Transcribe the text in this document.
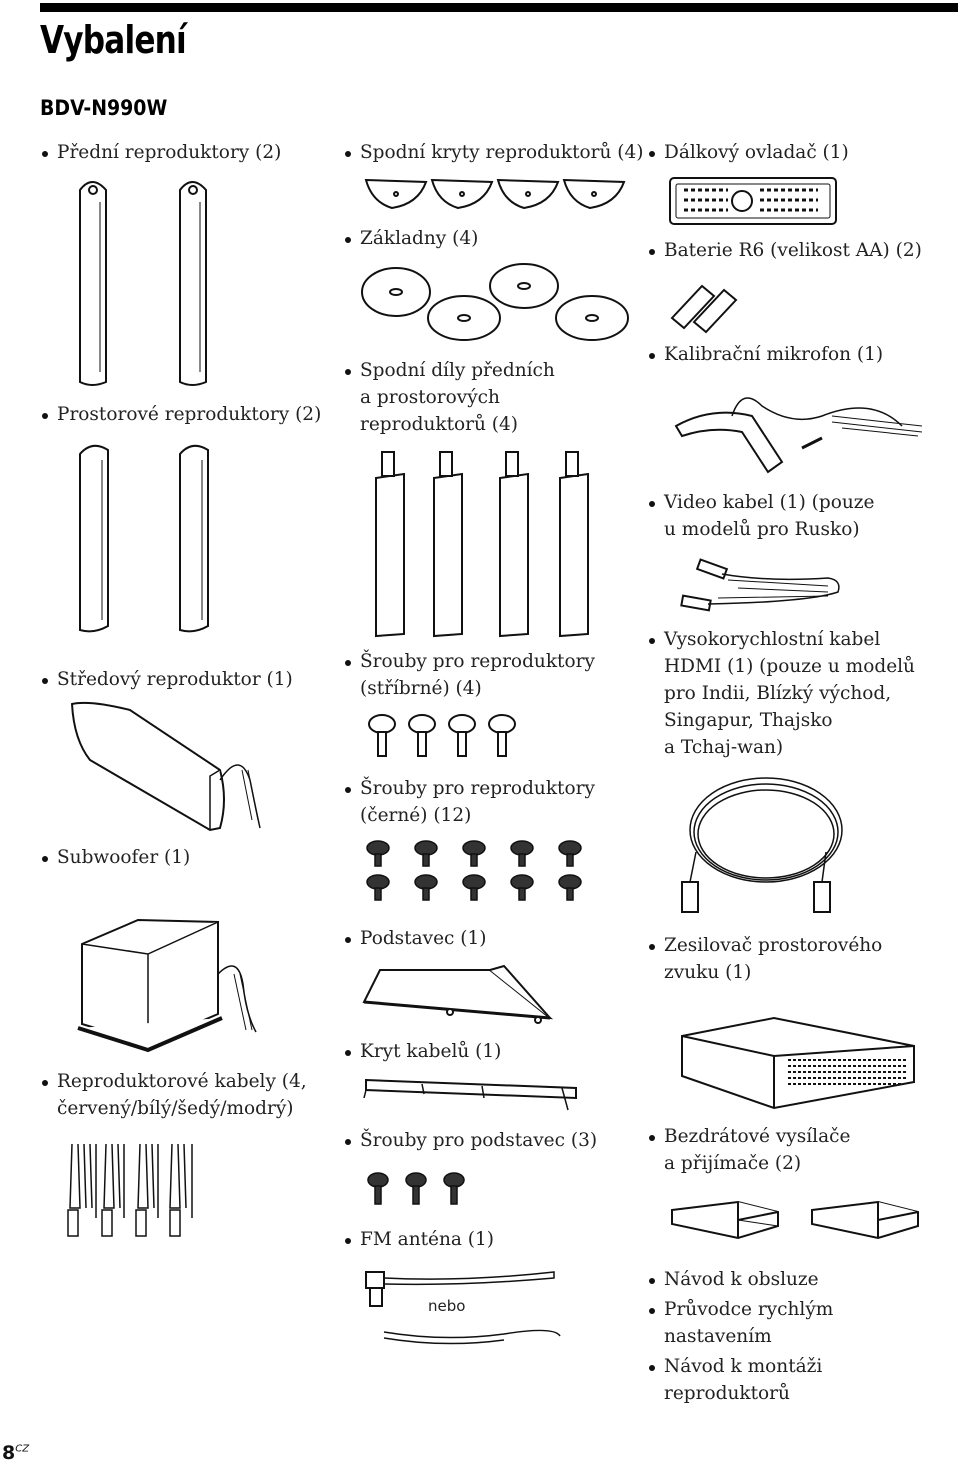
Vybalení
BDV-N990W
Přední reproduktory (2)
Prostorové reproduktory (2)
Středový reproduktor (1)
Subwoofer (1)
Reproduktorové kabely (4,
červený/bílý/šedý/modrý)
Spodní kryty reproduktorů (4)
Základny (4)
Spodní díly předních
a prostorových
reproduktorů (4)
Šrouby pro reproduktory
(stříbrné) (4)
Šrouby pro reproduktory
(černé) (12)
Podstavec (1)
Kryt kabelů (1)
Šrouby pro podstavec (3)
FM anténa (1)
nebo
Dálkový ovladač (1)
Baterie R6 (velikost AA) (2)
Kalibrační mikrofon (1)
Video kabel (1) (pouze
u modelů pro Rusko)
Vysokorychlostní kabel
HDMI (1) (pouze u modelů
pro Indii, Blízký východ,
Singapur, Thajsko
a Tchaj-wan)
Zesilovač prostorového
zvuku (1)
Bezdrátové vysílače
a přijímače (2)
Návod k obsluze
Průvodce rychlým
nastavením
Návod k montáži
reproduktorů
$8^{CZ}$
